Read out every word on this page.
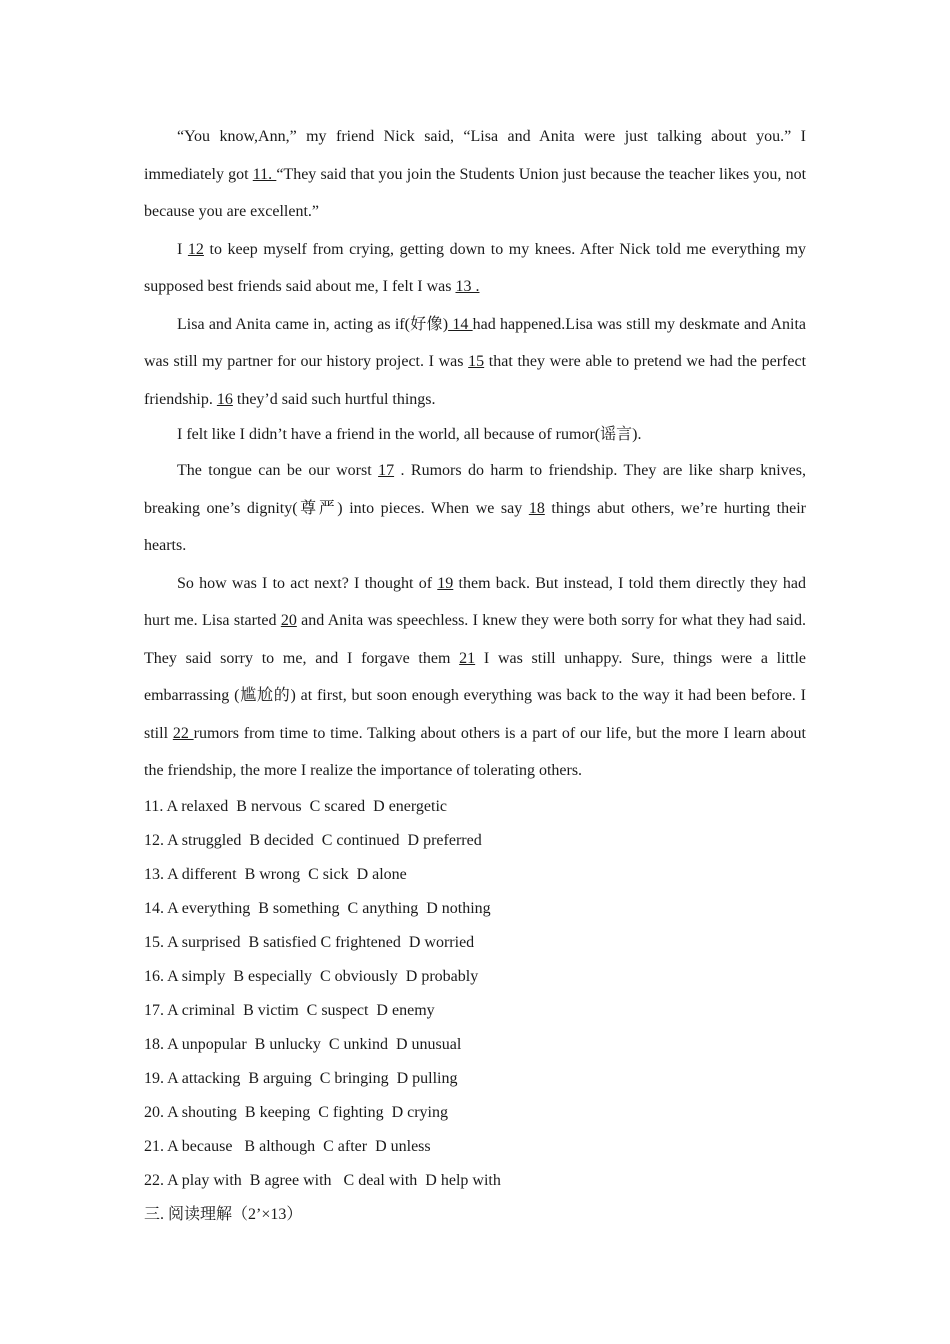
“You know,Ann,” my friend Nick said, “Lisa and Anita were just talking about you.” I immediately got 11. “They said that you join the Students Union just because the teacher likes you, not because you are excellent.”

I 12 to keep myself from crying, getting down to my knees. After Nick told me everything my supposed best friends said about me, I felt I was 13 .

Lisa and Anita came in, acting as if(好像) 14 had happened.Lisa was still my deskmate and Anita was still my partner for our history project. I was 15 that they were able to pretend we had the perfect friendship. 16 they’d said such hurtful things.

I felt like I didn’t have a friend in the world, all because of rumor(谣言).

The tongue can be our worst 17 . Rumors do harm to friendship. They are like sharp knives, breaking one’s dignity(尊严) into pieces. When we say 18 things abut others, we’re hurting their hearts.

So how was I to act next? I thought of 19 them back. But instead, I told them directly they had hurt me. Lisa started 20 and Anita was speechless. I knew they were both sorry for what they had said. They said sorry to me, and I forgave them 21 I was still unhappy. Sure, things were a little embarrassing (尴尬的) at first, but soon enough everything was back to the way it had been before. I still 22 rumors from time to time. Talking about others is a part of our life, but the more I learn about the friendship, the more I realize the importance of tolerating others.

11. A relaxed  B nervous  C scared  D energetic
12. A struggled  B decided  C continued  D preferred
13. A different  B wrong  C sick  D alone
14. A everything  B something  C anything  D nothing
15. A surprised  B satisfied C frightened  D worried
16. A simply  B especially  C obviously  D probably
17. A criminal  B victim  C suspect  D enemy
18. A unpopular  B unlucky  C unkind  D unusual
19. A attacking  B arguing  C bringing  D pulling
20. A shouting  B keeping  C fighting  D crying
21. A because   B although  C after  D unless
22. A play with  B agree with   C deal with  D help with
三. 阅读理解（2’×13）
